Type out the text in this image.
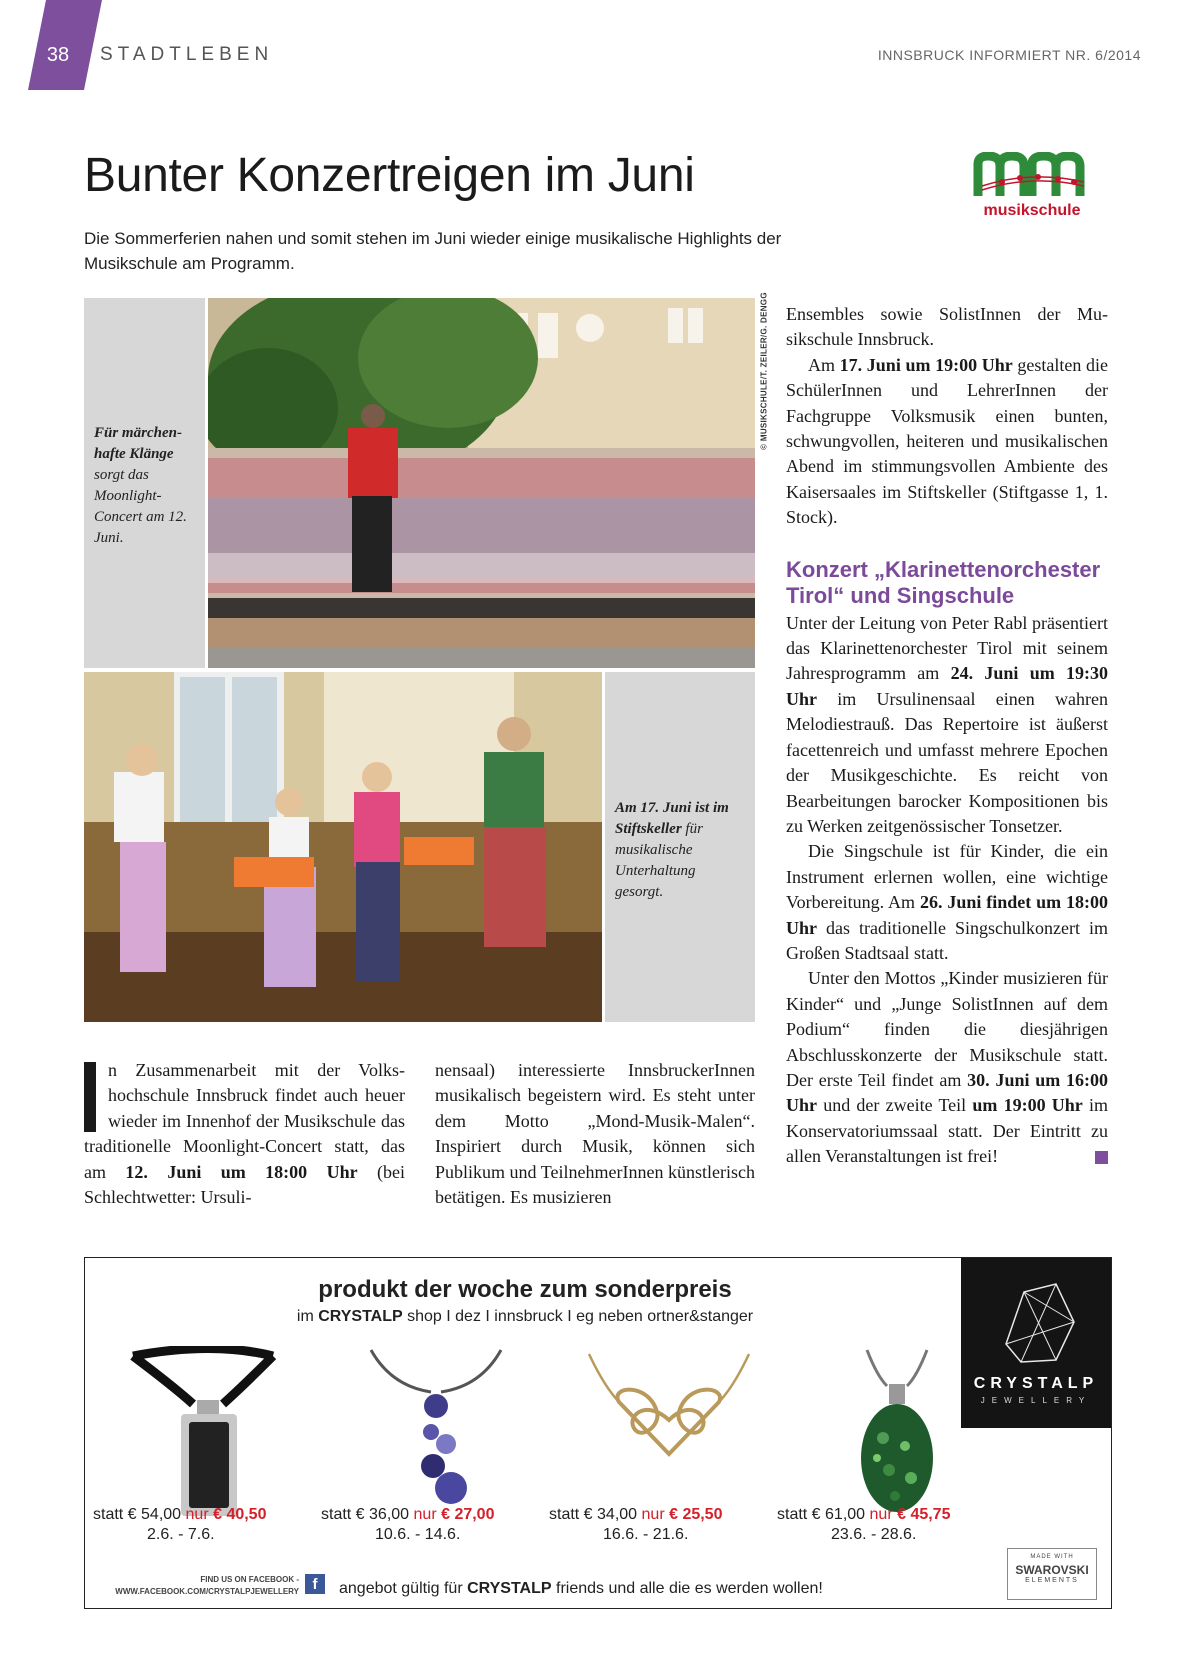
38	STADTLEBEN	INNSBRUCK INFORMIERT NR. 6/2014
Bunter Konzertreigen im Juni

Die Sommerferien nahen und somit stehen im Juni wieder einige musikalische Highlights der Musikschule am Programm.

musikschule
Für märchen-hafte Klänge sorgt das Moonlight-Concert am 12. Juni.
© MUSIKSCHULE/T. ZEILER/G. DENGG
Am 17. Juni ist im Stiftskeller für musikalische Unterhaltung gesorgt.

n Zusammenarbeit mit der Volkshochschule Innsbruck findet auch heuer wieder im Innenhof der Musikschule das traditionelle Moonlight-Concert statt, das am 12. Juni um 18:00 Uhr (bei Schlechtwetter: Ursuli-

nensaal) interessierte InnsbruckerInnen musikalisch begeistern wird. Es steht unter dem Motto „Mond-Musik-Malen“. Inspiriert durch Musik, können sich Publikum und TeilnehmerInnen künstlerisch betätigen. Es musizieren

Ensembles sowie SolistInnen der Musikschule Innsbruck.

Am 17. Juni um 19:00 Uhr gestalten die SchülerInnen und LehrerInnen der Fachgruppe Volksmusik einen bunten, schwungvollen, heiteren und musikalischen Abend im stimmungsvollen Ambiente des Kaisersaales im Stiftskeller (Stiftgasse 1, 1. Stock).

Konzert „Klarinettenorchester Tirol“ und Singschule

Unter der Leitung von Peter Rabl präsentiert das Klarinettenorchester Tirol mit seinem Jahresprogramm am 24. Juni um 19:30 Uhr im Ursulinensaal einen wahren Melodiestrauß. Das Repertoire ist äußerst facettenreich und umfasst mehrere Epochen der Musikgeschichte. Es reicht von Bearbeitungen barocker Kompositionen bis zu Werken zeitgenössischer Tonsetzer.

Die Singschule ist für Kinder, die ein Instrument erlernen wollen, eine wichtige Vorbereitung. Am 26. Juni findet um 18:00 Uhr das traditionelle Singschulkonzert im Großen Stadtsaal statt.

Unter den Mottos „Kinder musizieren für Kinder“ und „Junge SolistInnen auf dem Podium“ finden die diesjährigen Abschlusskonzerte der Musikschule statt. Der erste Teil findet am 30. Juni um 16:00 Uhr und der zweite Teil um 19:00 Uhr im Konservatoriumssaal statt. Der Eintritt zu allen Veranstaltungen ist frei!

produkt der woche zum sonderpreis
im CRYSTALP shop I dez I innsbruck I eg neben ortner&stanger
CRYSTALP
JEWELLERY
statt € 54,00 nur € 40,50
2.6. - 7.6.
statt € 36,00 nur € 27,00
10.6. - 14.6.
statt € 34,00 nur € 25,50
16.6. - 21.6.
statt € 61,00 nur € 45,75
23.6. - 28.6.
FIND US ON FACEBOOK -
WWW.FACEBOOK.COM/CRYSTALPJEWELLERY f	angebot gültig für CRYSTALP friends und alle die es werden wollen!
MADE WITH
SWAROVSKI
ELEMENTS
